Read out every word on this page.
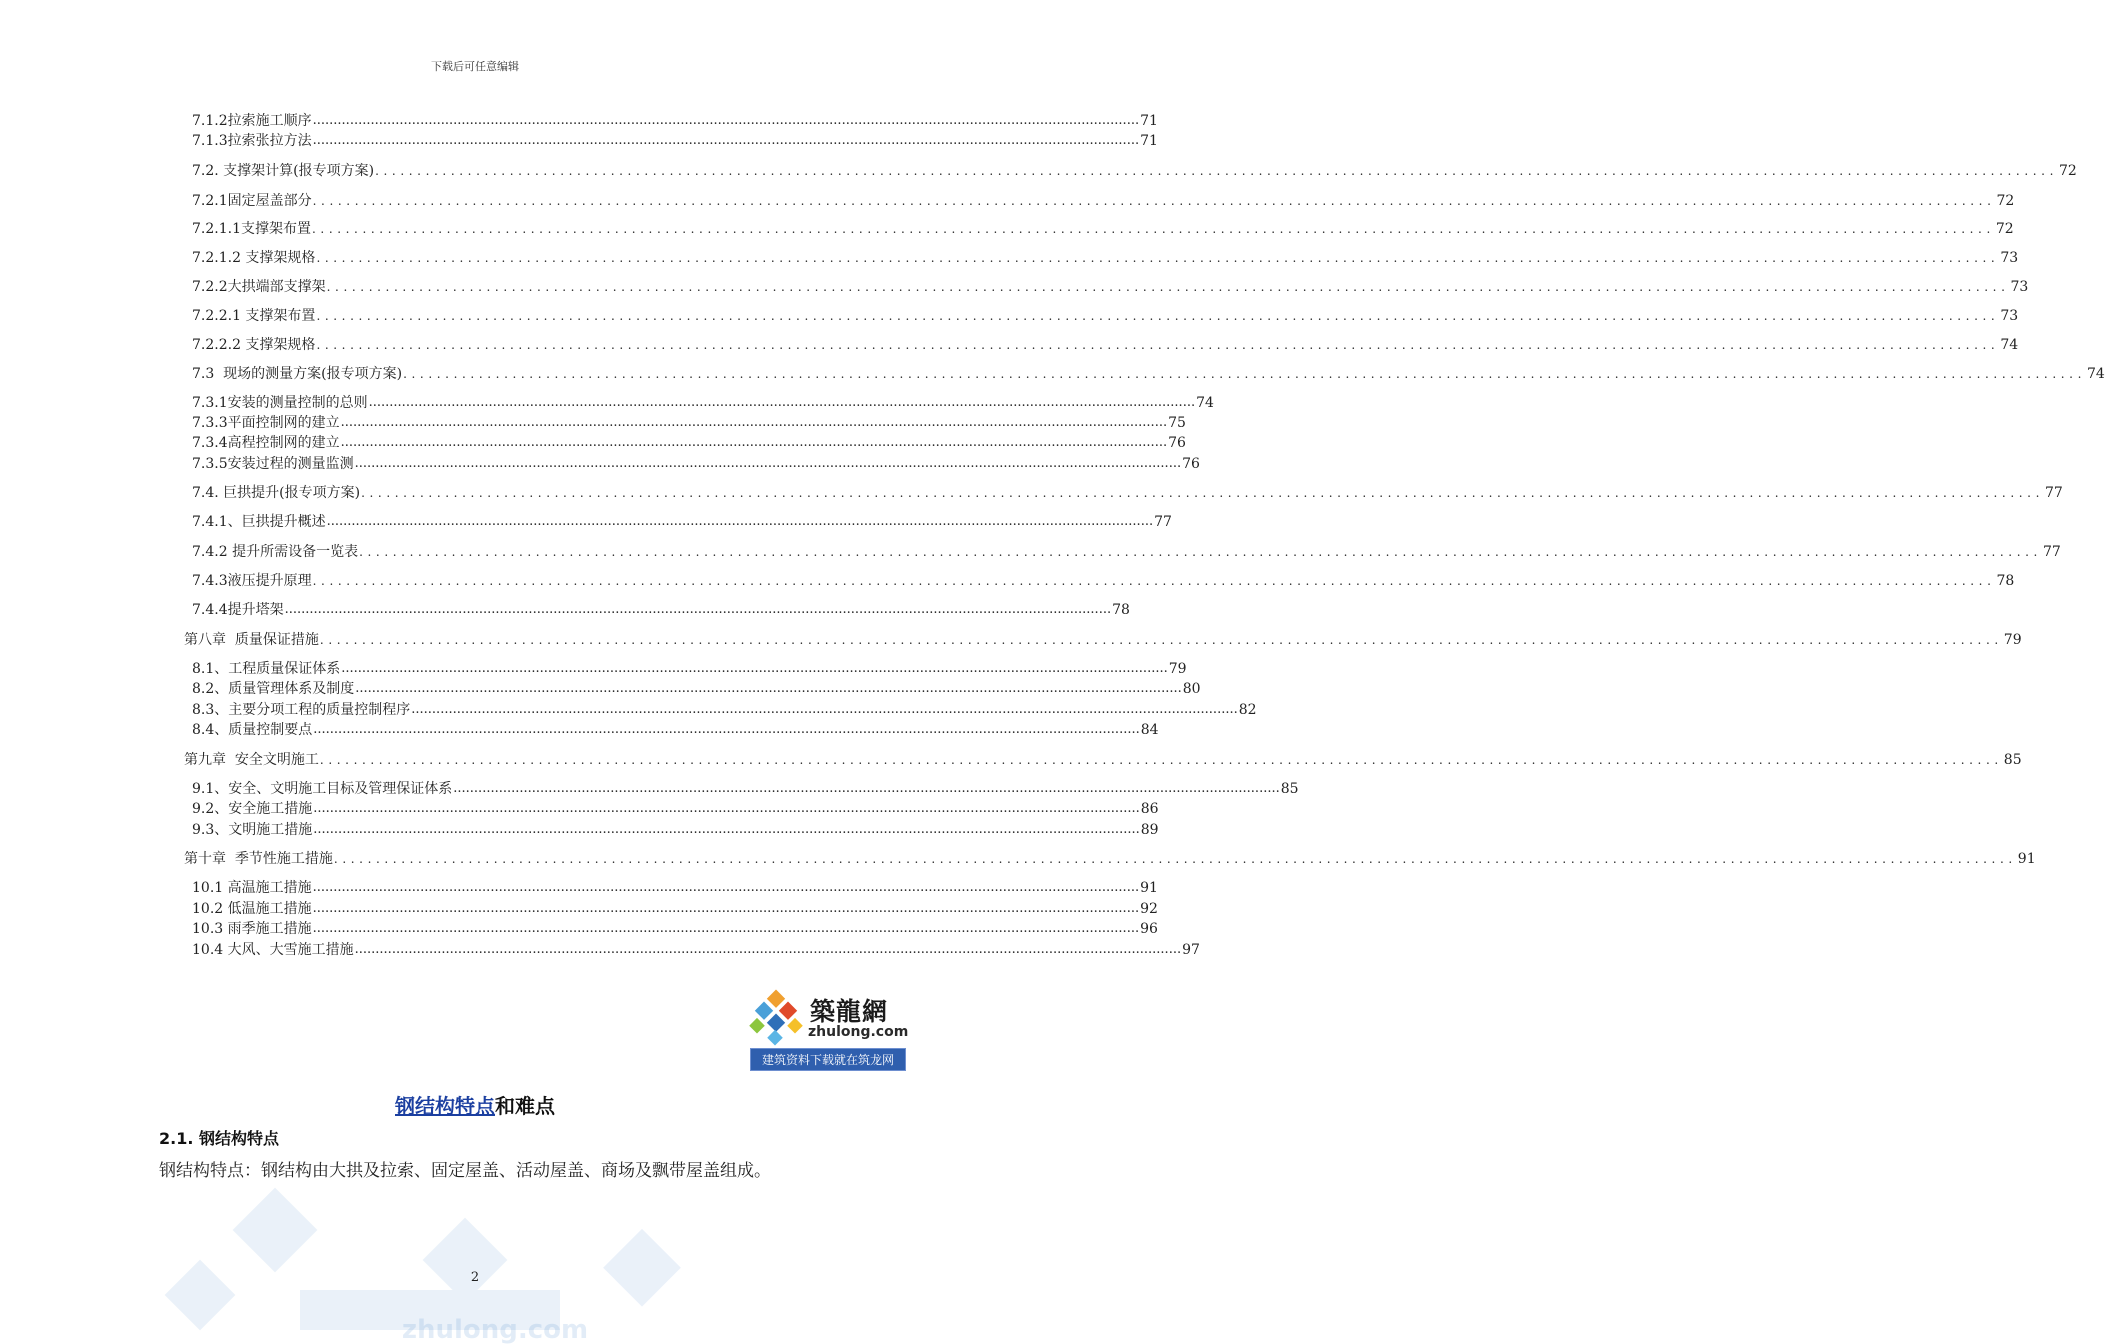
下载后可任意编辑
7.1.2拉索施工顺序 ........................................................................................................................................................................................................ 71
7.1.3拉索张拉方法 ........................................................................................................................................................................................................ 71
7.2. 支撑架计算(报专项方案) ........................................................................................................................................................................................................ 72
7.2.1固定屋盖部分 ........................................................................................................................................................................................................ 72
7.2.1.1支撑架布置 ........................................................................................................................................................................................................ 72
7.2.1.2 支撑架规格 ........................................................................................................................................................................................................ 73
7.2.2大拱端部支撑架 ........................................................................................................................................................................................................ 73
7.2.2.1 支撑架布置 ........................................................................................................................................................................................................ 73
7.2.2.2 支撑架规格 ........................................................................................................................................................................................................ 74
7.3  现场的测量方案(报专项方案) ........................................................................................................................................................................................................ 74
7.3.1安装的测量控制的总则 ........................................................................................................................................................................................................ 74
7.3.3平面控制网的建立 ........................................................................................................................................................................................................ 75
7.3.4高程控制网的建立 ........................................................................................................................................................................................................ 76
7.3.5安装过程的测量监测 ........................................................................................................................................................................................................ 76
7.4. 巨拱提升(报专项方案) ........................................................................................................................................................................................................ 77
7.4.1、巨拱提升概述 ........................................................................................................................................................................................................ 77
7.4.2 提升所需设备一览表 ........................................................................................................................................................................................................ 77
7.4.3液压提升原理 ........................................................................................................................................................................................................ 78
7.4.4提升塔架 ........................................................................................................................................................................................................ 78
第八章  质量保证措施 ........................................................................................................................................................................................................ 79
8.1、工程质量保证体系 ........................................................................................................................................................................................................ 79
8.2、质量管理体系及制度 ........................................................................................................................................................................................................ 80
8.3、主要分项工程的质量控制程序 ........................................................................................................................................................................................................ 82
8.4、质量控制要点 ........................................................................................................................................................................................................ 84
第九章  安全文明施工 ........................................................................................................................................................................................................ 85
9.1、安全、文明施工目标及管理保证体系 ........................................................................................................................................................................................................ 85
9.2、安全施工措施 ........................................................................................................................................................................................................ 86
9.3、文明施工措施 ........................................................................................................................................................................................................ 89
第十章  季节性施工措施 ........................................................................................................................................................................................................ 91
10.1 高温施工措施 ........................................................................................................................................................................................................ 91
10.2 低温施工措施 ........................................................................................................................................................................................................ 92
10.3 雨季施工措施 ........................................................................................................................................................................................................ 96
10.4 大风、大雪施工措施 ........................................................................................................................................................................................................ 97
築龍網
zhulong.com
建筑资料下载就在筑龙网
钢结构特点和难点
2.1. 钢结构特点
钢结构特点：钢结构由大拱及拉索、固定屋盖、活动屋盖、商场及飘带屋盖组成。
zhulong.com
2
